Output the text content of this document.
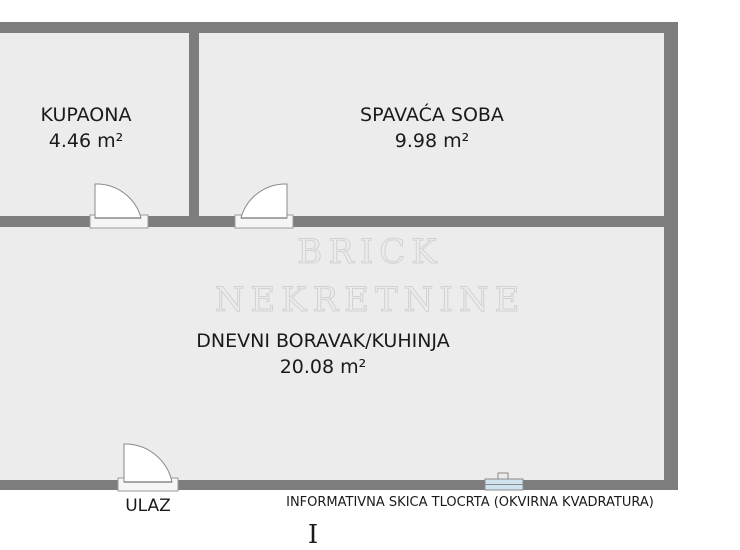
BRICK
NEKRETNINE
KUPAONA
4.46 m²
SPAVAĆA SOBA
9.98 m²
DNEVNI BORAVAK/KUHINJA
20.08 m²
ULAZ	INFORMATIVNA SKICA TLOCRTA (OKVIRNA KVADRATURA)
I
